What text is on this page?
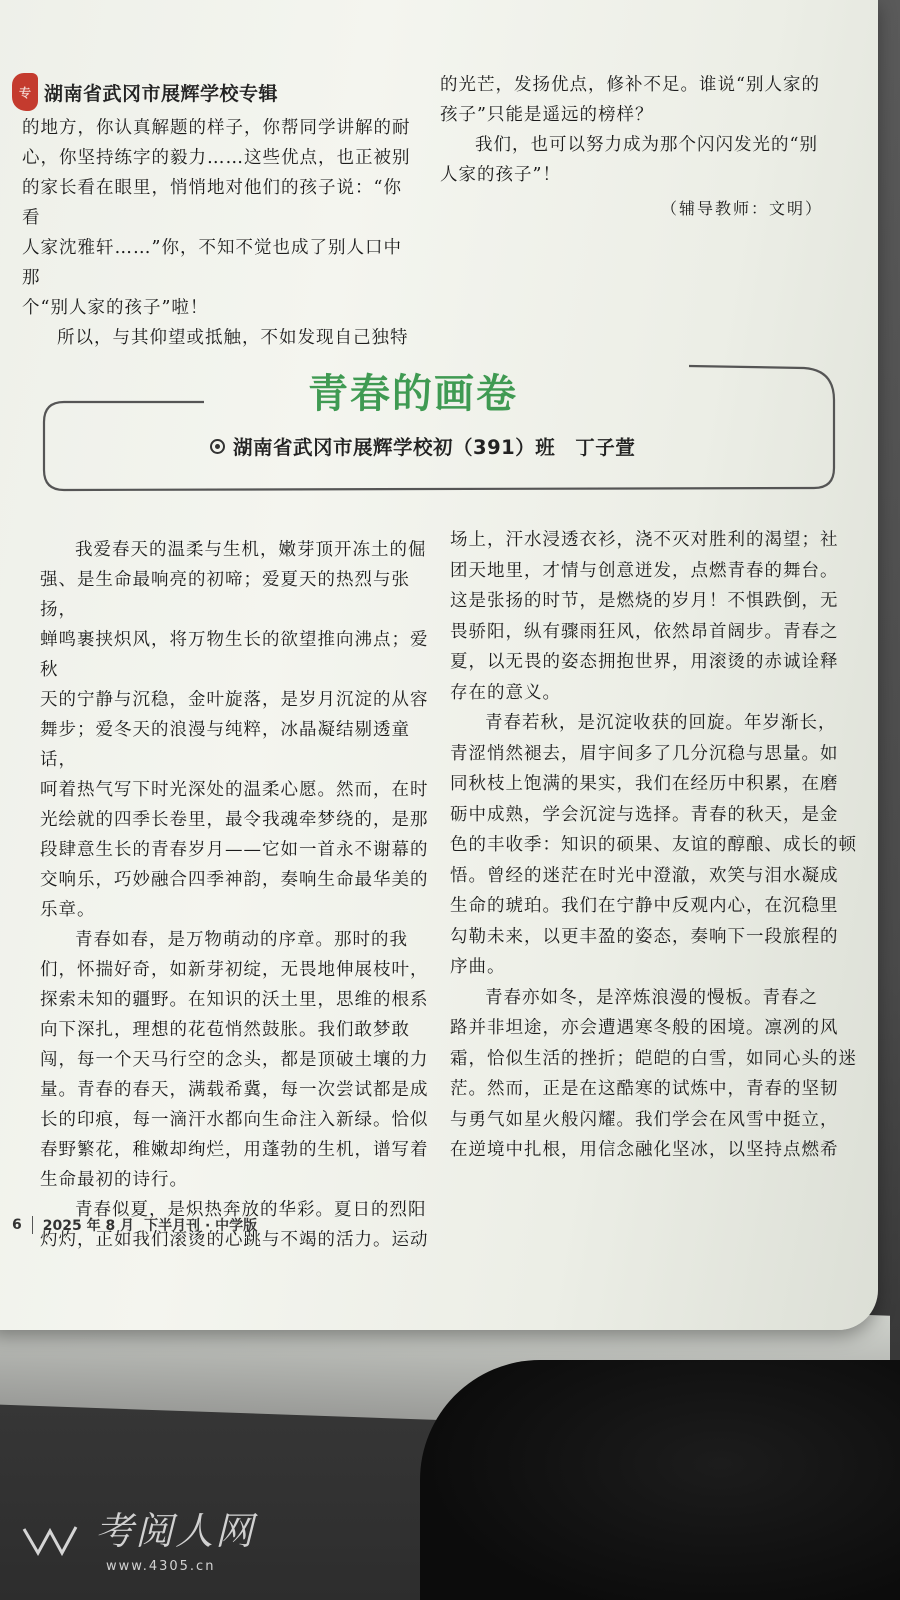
专 湖南省武冈市展辉学校专辑

的地方，你认真解题的样子，你帮同学讲解的耐

心，你坚持练字的毅力……这些优点，也正被别

的家长看在眼里，悄悄地对他们的孩子说：“你看

人家沈雅轩……”你，不知不觉也成了别人口中那

个“别人家的孩子”啦！

所以，与其仰望或抵触，不如发现自己独特

的光芒，发扬优点，修补不足。谁说“别人家的

孩子”只能是遥远的榜样？

我们，也可以努力成为那个闪闪发光的“别

人家的孩子”！

（辅导教师：文明）
青春的画卷
湖南省武冈市展辉学校初（391）班　丁子萱

我爱春天的温柔与生机，嫩芽顶开冻土的倔

强、是生命最响亮的初啼；爱夏天的热烈与张扬，

蝉鸣裹挟炽风，将万物生长的欲望推向沸点；爱秋

天的宁静与沉稳，金叶旋落，是岁月沉淀的从容

舞步；爱冬天的浪漫与纯粹，冰晶凝结剔透童话，

呵着热气写下时光深处的温柔心愿。然而，在时

光绘就的四季长卷里，最令我魂牵梦绕的，是那

段肆意生长的青春岁月——它如一首永不谢幕的

交响乐，巧妙融合四季神韵，奏响生命最华美的

乐章。

青春如春，是万物萌动的序章。那时的我

们，怀揣好奇，如新芽初绽，无畏地伸展枝叶，

探索未知的疆野。在知识的沃土里，思维的根系

向下深扎，理想的花苞悄然鼓胀。我们敢梦敢

闯，每一个天马行空的念头，都是顶破土壤的力

量。青春的春天，满载希冀，每一次尝试都是成

长的印痕，每一滴汗水都向生命注入新绿。恰似

春野繁花，稚嫩却绚烂，用蓬勃的生机，谱写着

生命最初的诗行。

青春似夏，是炽热奔放的华彩。夏日的烈阳

灼灼，正如我们滚烫的心跳与不竭的活力。运动

场上，汗水浸透衣衫，浇不灭对胜利的渴望；社

团天地里，才情与创意迸发，点燃青春的舞台。

这是张扬的时节，是燃烧的岁月！不惧跌倒，无

畏骄阳，纵有骤雨狂风，依然昂首阔步。青春之

夏，以无畏的姿态拥抱世界，用滚烫的赤诚诠释

存在的意义。

青春若秋，是沉淀收获的回旋。年岁渐长，

青涩悄然褪去，眉宇间多了几分沉稳与思量。如

同秋枝上饱满的果实，我们在经历中积累，在磨

砺中成熟，学会沉淀与选择。青春的秋天，是金

色的丰收季：知识的硕果、友谊的醇酿、成长的顿

悟。曾经的迷茫在时光中澄澈，欢笑与泪水凝成

生命的琥珀。我们在宁静中反观内心，在沉稳里

勾勒未来，以更丰盈的姿态，奏响下一段旅程的

序曲。

青春亦如冬，是淬炼浪漫的慢板。青春之

路并非坦途，亦会遭遇寒冬般的困境。凛冽的风

霜，恰似生活的挫折；皑皑的白雪，如同心头的迷

茫。然而，正是在这酷寒的试炼中，青春的坚韧

与勇气如星火般闪耀。我们学会在风雪中挺立，

在逆境中扎根，用信念融化坚冰，以坚持点燃希

6 2025 年 8 月 下半月刊 · 中学版
考阅人网
www.4305.cn
